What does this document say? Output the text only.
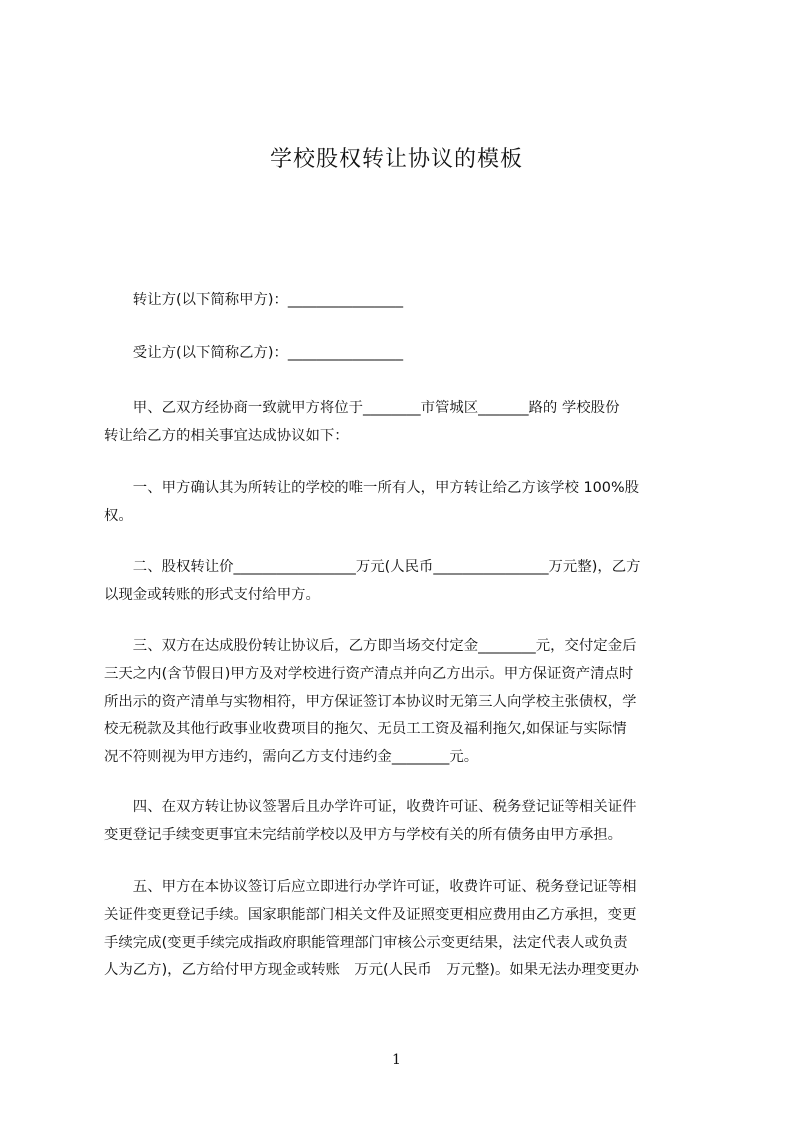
学校股权转让协议的模板
转让方(以下简称甲方)：________________
受让方(以下简称乙方)：________________
甲、乙双方经协商一致就甲方将位于________市管城区_______路的 学校股份
转让给乙方的相关事宜达成协议如下：
一、甲方确认其为所转让的学校的唯一所有人，甲方转让给乙方该学校 100%股
权。
二、股权转让价_________________万元(人民币________________万元整)，乙方
以现金或转账的形式支付给甲方。
三、双方在达成股份转让协议后，乙方即当场交付定金________元，交付定金后
三天之内(含节假日)甲方及对学校进行资产清点并向乙方出示。甲方保证资产清点时
所出示的资产清单与实物相符，甲方保证签订本协议时无第三人向学校主张债权，学
校无税款及其他行政事业收费项目的拖欠、无员工工资及福利拖欠,如保证与实际情
况不符则视为甲方违约，需向乙方支付违约金________元。
四、在双方转让协议签署后且办学许可证，收费许可证、税务登记证等相关证件
变更登记手续变更事宜未完结前学校以及甲方与学校有关的所有债务由甲方承担。
五、甲方在本协议签订后应立即进行办学许可证，收费许可证、税务登记证等相
关证件变更登记手续。国家职能部门相关文件及证照变更相应费用由乙方承担，变更
手续完成(变更手续完成指政府职能管理部门审核公示变更结果，法定代表人或负责
人为乙方)，乙方给付甲方现金或转账　万元(人民币　万元整)。如果无法办理变更办
1
